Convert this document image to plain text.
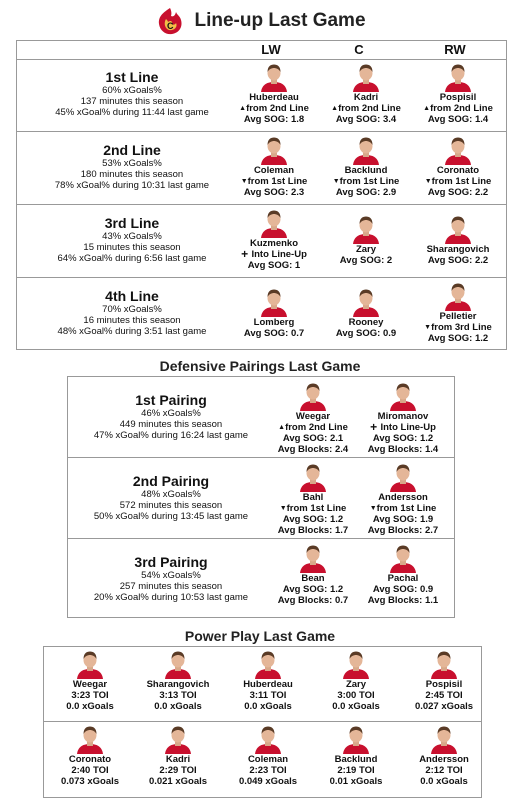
C Line-up Last Game
LW	C	RW
1st Line
60% xGoals%
137 minutes this season
45% xGoal% during 11:44 last game
Huberdeau
▲from 2nd Line
Avg SOG: 1.8
Kadri
▲from 2nd Line
Avg SOG: 3.4
Pospisil
▲from 2nd Line
Avg SOG: 1.4
2nd Line
53% xGoals%
180 minutes this season
78% xGoal% during 10:31 last game
Coleman
▼from 1st Line
Avg SOG: 2.3
Backlund
▼from 1st Line
Avg SOG: 2.9
Coronato
▼from 1st Line
Avg SOG: 2.2
3rd Line
43% xGoals%
15 minutes this season
64% xGoal% during 6:56 last game
Kuzmenko
+ Into Line-Up
Avg SOG: 1
Zary
Avg SOG: 2
Sharangovich
Avg SOG: 2.2
4th Line
70% xGoals%
16 minutes this season
48% xGoal% during 3:51 last game
Lomberg
Avg SOG: 0.7
Rooney
Avg SOG: 0.9
Pelletier
▼from 3rd Line
Avg SOG: 1.2
Defensive Pairings Last Game
1st Pairing
46% xGoals%
449 minutes this season
47% xGoal% during 16:24 last game
Weegar
▲from 2nd Line
Avg SOG: 2.1
Avg Blocks: 2.4
Miromanov
+ Into Line-Up
Avg SOG: 1.2
Avg Blocks: 1.4
2nd Pairing
48% xGoals%
572 minutes this season
50% xGoal% during 13:45 last game
Bahl
▼from 1st Line
Avg SOG: 1.2
Avg Blocks: 1.7
Andersson
▼from 1st Line
Avg SOG: 1.9
Avg Blocks: 2.7
3rd Pairing
54% xGoals%
257 minutes this season
20% xGoal% during 10:53 last game
Bean
Avg SOG: 1.2
Avg Blocks: 0.7
Pachal
Avg SOG: 0.9
Avg Blocks: 1.1
Power Play Last Game
Weegar
3:23 TOI
0.0 xGoals
Sharangovich
3:13 TOI
0.0 xGoals
Huberdeau
3:11 TOI
0.0 xGoals
Zary
3:00 TOI
0.0 xGoals
Pospisil
2:45 TOI
0.027 xGoals
Coronato
2:40 TOI
0.073 xGoals
Kadri
2:29 TOI
0.021 xGoals
Coleman
2:23 TOI
0.049 xGoals
Backlund
2:19 TOI
0.01 xGoals
Andersson
2:12 TOI
0.0 xGoals
